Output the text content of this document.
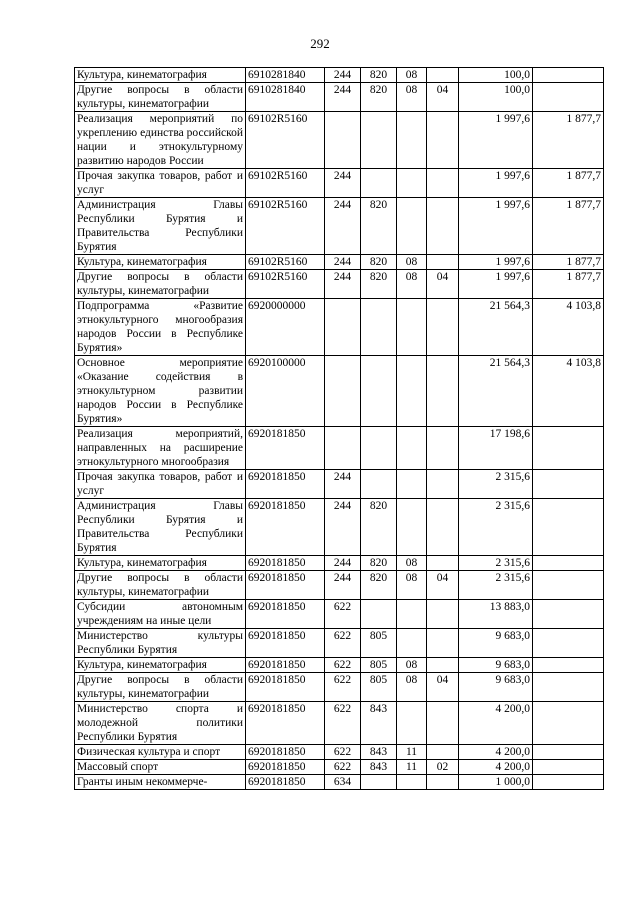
292
Культура, кинематография	6910281840	244	820	08		100,0	
Другие вопросы в области культуры, кинематографии	6910281840	244	820	08	04	100,0	
Реализация мероприятий по укреплению единства российской нации и этнокультурному развитию народов России	69102R5160					1 997,6	1 877,7
Прочая закупка товаров, работ и услуг	69102R5160	244				1 997,6	1 877,7
Администрация Главы Республики Бурятия и Правительства Республики Бурятия	69102R5160	244	820			1 997,6	1 877,7
Культура, кинематография	69102R5160	244	820	08		1 997,6	1 877,7
Другие вопросы в области культуры, кинематографии	69102R5160	244	820	08	04	1 997,6	1 877,7
Подпрограмма «Развитие этнокультурного многообразия народов России в Республике Бурятия»	6920000000					21 564,3	4 103,8
Основное мероприятие «Оказание содействия в этнокультурном развитии народов России в Республике Бурятия»	6920100000					21 564,3	4 103,8
Реализация мероприятий, направленных на расширение этнокультурного многообразия	6920181850					17 198,6	
Прочая закупка товаров, работ и услуг	6920181850	244				2 315,6	
Администрация Главы Республики Бурятия и Правительства Республики Бурятия	6920181850	244	820			2 315,6	
Культура, кинематография	6920181850	244	820	08		2 315,6	
Другие вопросы в области культуры, кинематографии	6920181850	244	820	08	04	2 315,6	
Субсидии автономным учреждениям на иные цели	6920181850	622				13 883,0	
Министерство культуры Республики Бурятия	6920181850	622	805			9 683,0	
Культура, кинематография	6920181850	622	805	08		9 683,0	
Другие вопросы в области культуры, кинематографии	6920181850	622	805	08	04	9 683,0	
Министерство спорта и молодежной политики Республики Бурятия	6920181850	622	843			4 200,0	
Физическая культура и спорт	6920181850	622	843	11		4 200,0	
Массовый спорт	6920181850	622	843	11	02	4 200,0	
Гранты иным некоммерче-	6920181850	634				1 000,0	
